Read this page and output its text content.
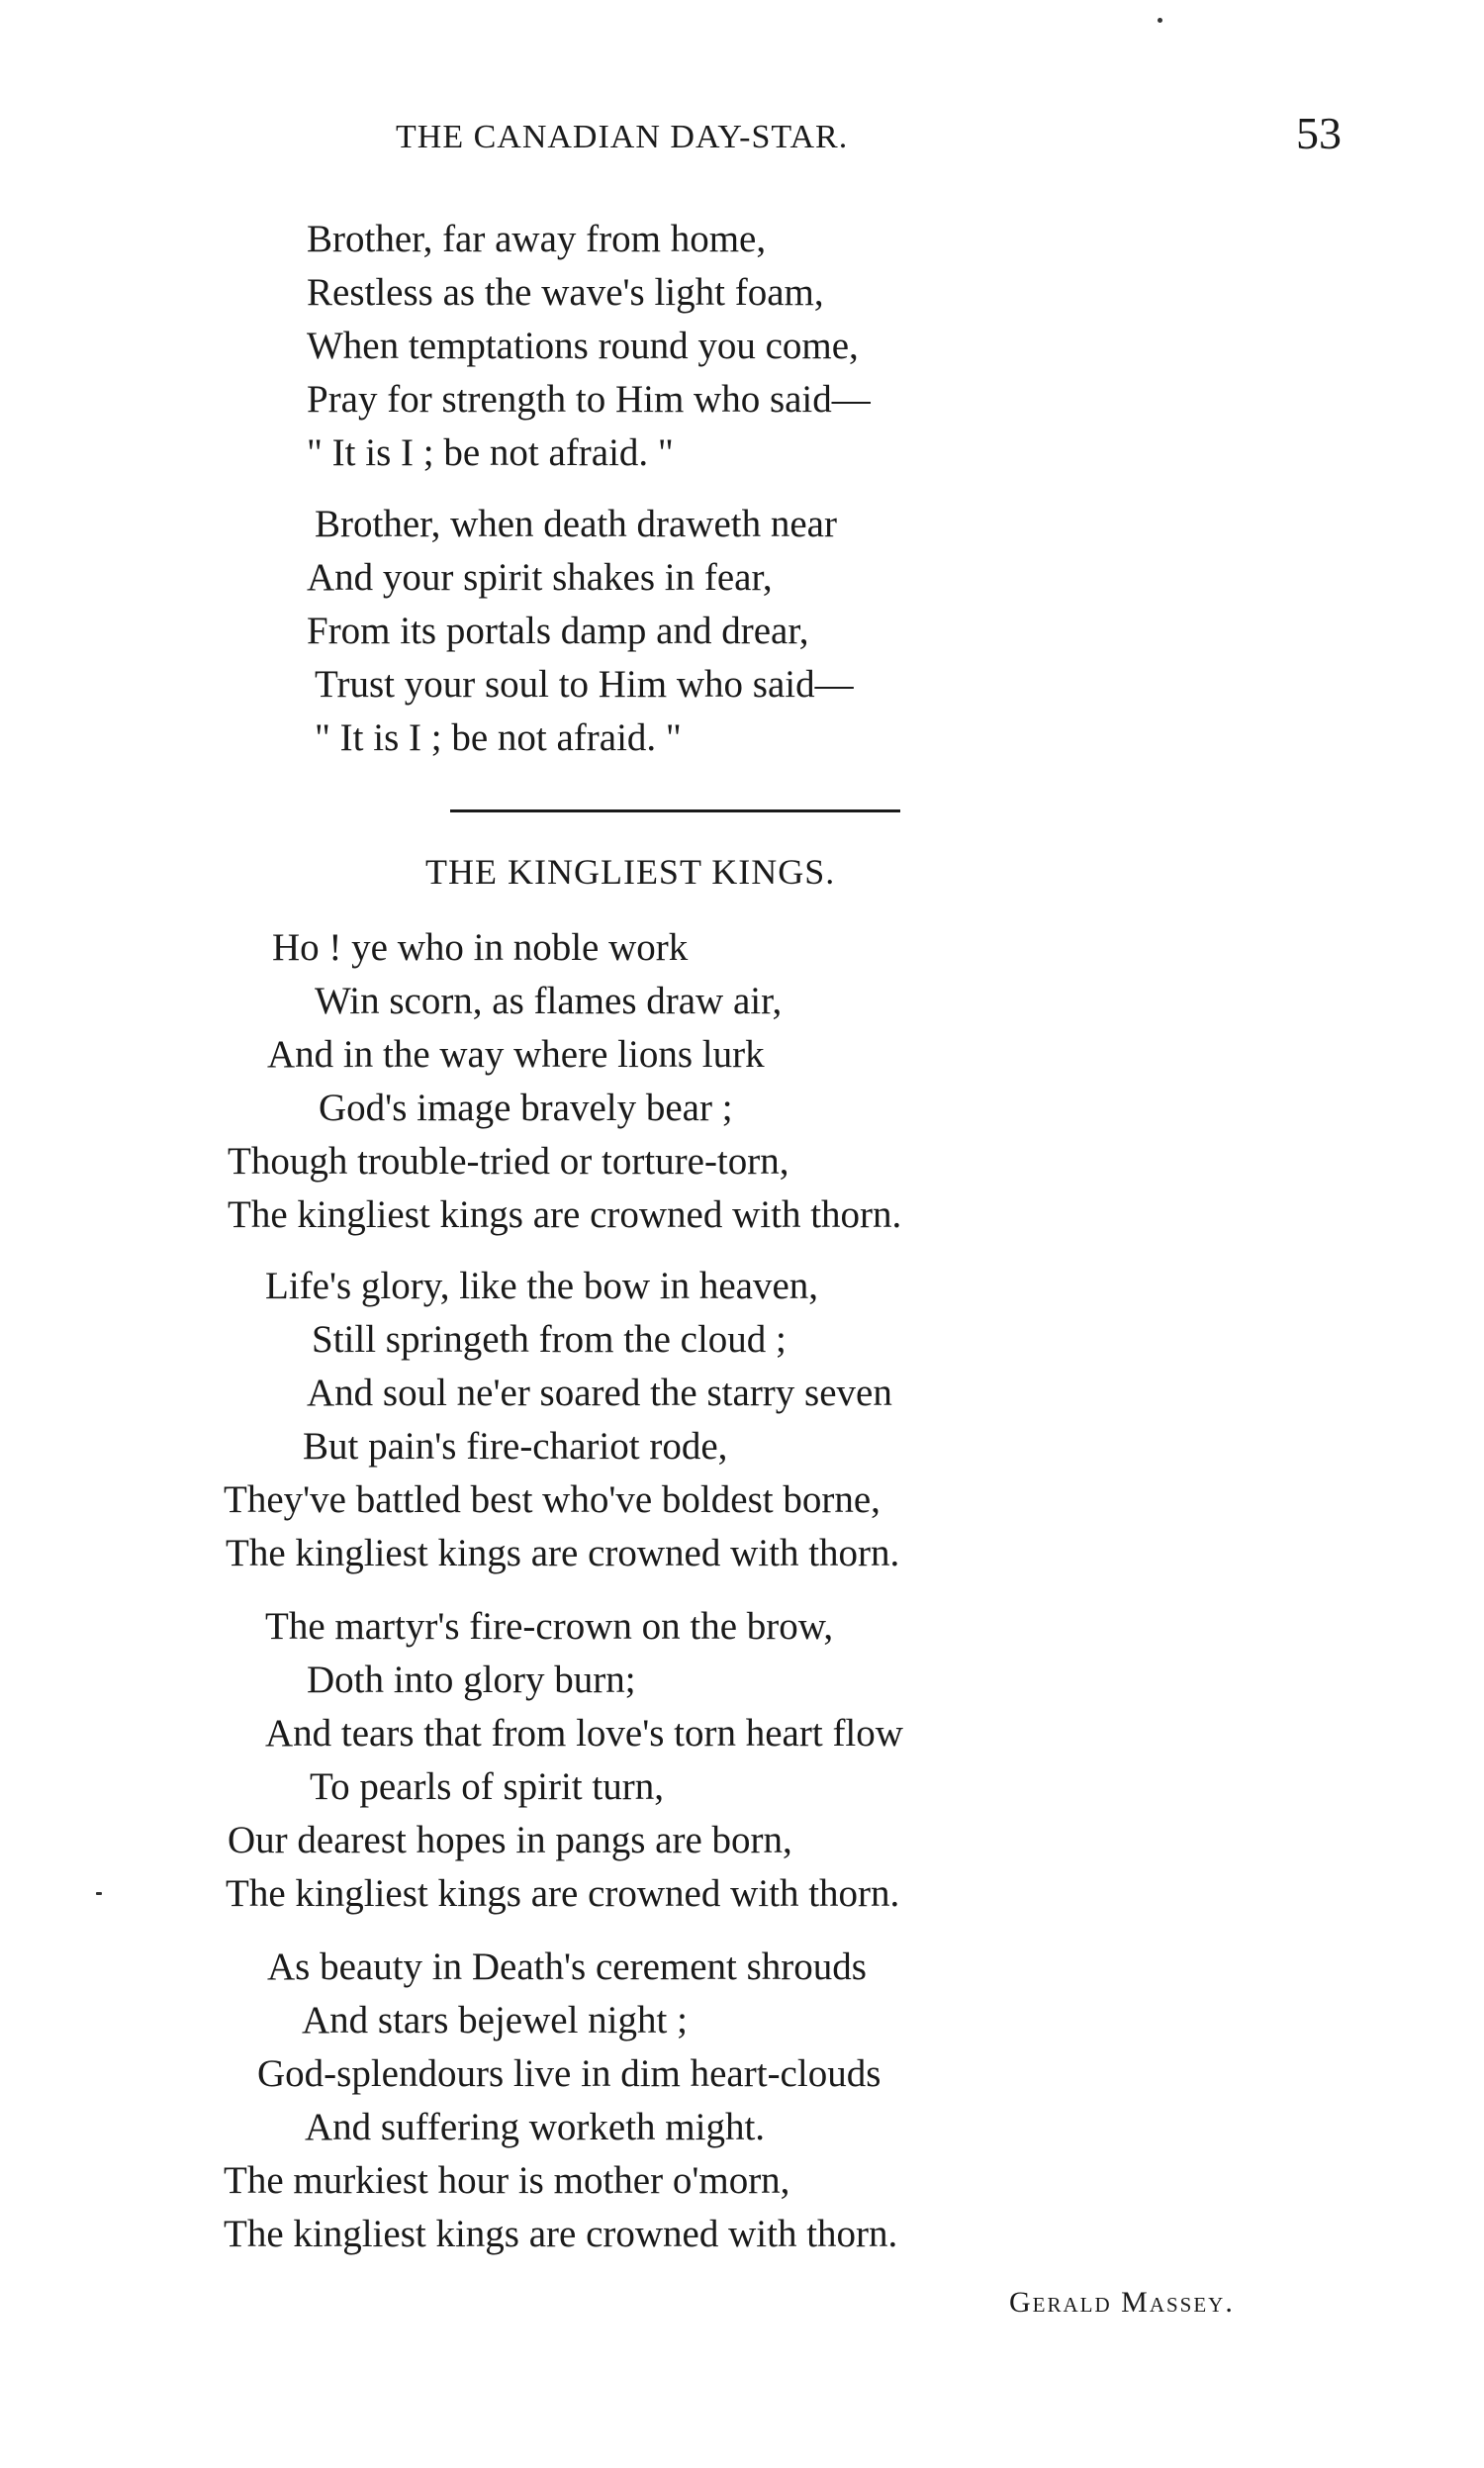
THE CANADIAN DAY-STAR.	53
Brother, far away from home,
Restless as the wave's light foam,
When temptations round you come,
Pray for strength to Him who said—
" It is I ; be not afraid. "
Brother, when death draweth near
And your spirit shakes in fear,
From its portals damp and drear,
Trust your soul to Him who said—
" It is I ; be not afraid. "
THE KINGLIEST KINGS.
Ho ! ye who in noble work
Win scorn, as flames draw air,
And in the way where lions lurk
God's image bravely bear ;
Though trouble-tried or torture-torn,
The kingliest kings are crowned with thorn.
Life's glory, like the bow in heaven,
Still springeth from the cloud ;
And soul ne'er soared the starry seven
But pain's fire-chariot rode,
They've battled best who've boldest borne,
The kingliest kings are crowned with thorn.
The martyr's fire-crown on the brow,
Doth into glory burn;
And tears that from love's torn heart flow
To pearls of spirit turn,
Our dearest hopes in pangs are born,
The kingliest kings are crowned with thorn.
As beauty in Death's cerement shrouds
And stars bejewel night ;
God-splendours live in dim heart-clouds
And suffering worketh might.
The murkiest hour is mother o'morn,
The kingliest kings are crowned with thorn.
Gerald Massey.
